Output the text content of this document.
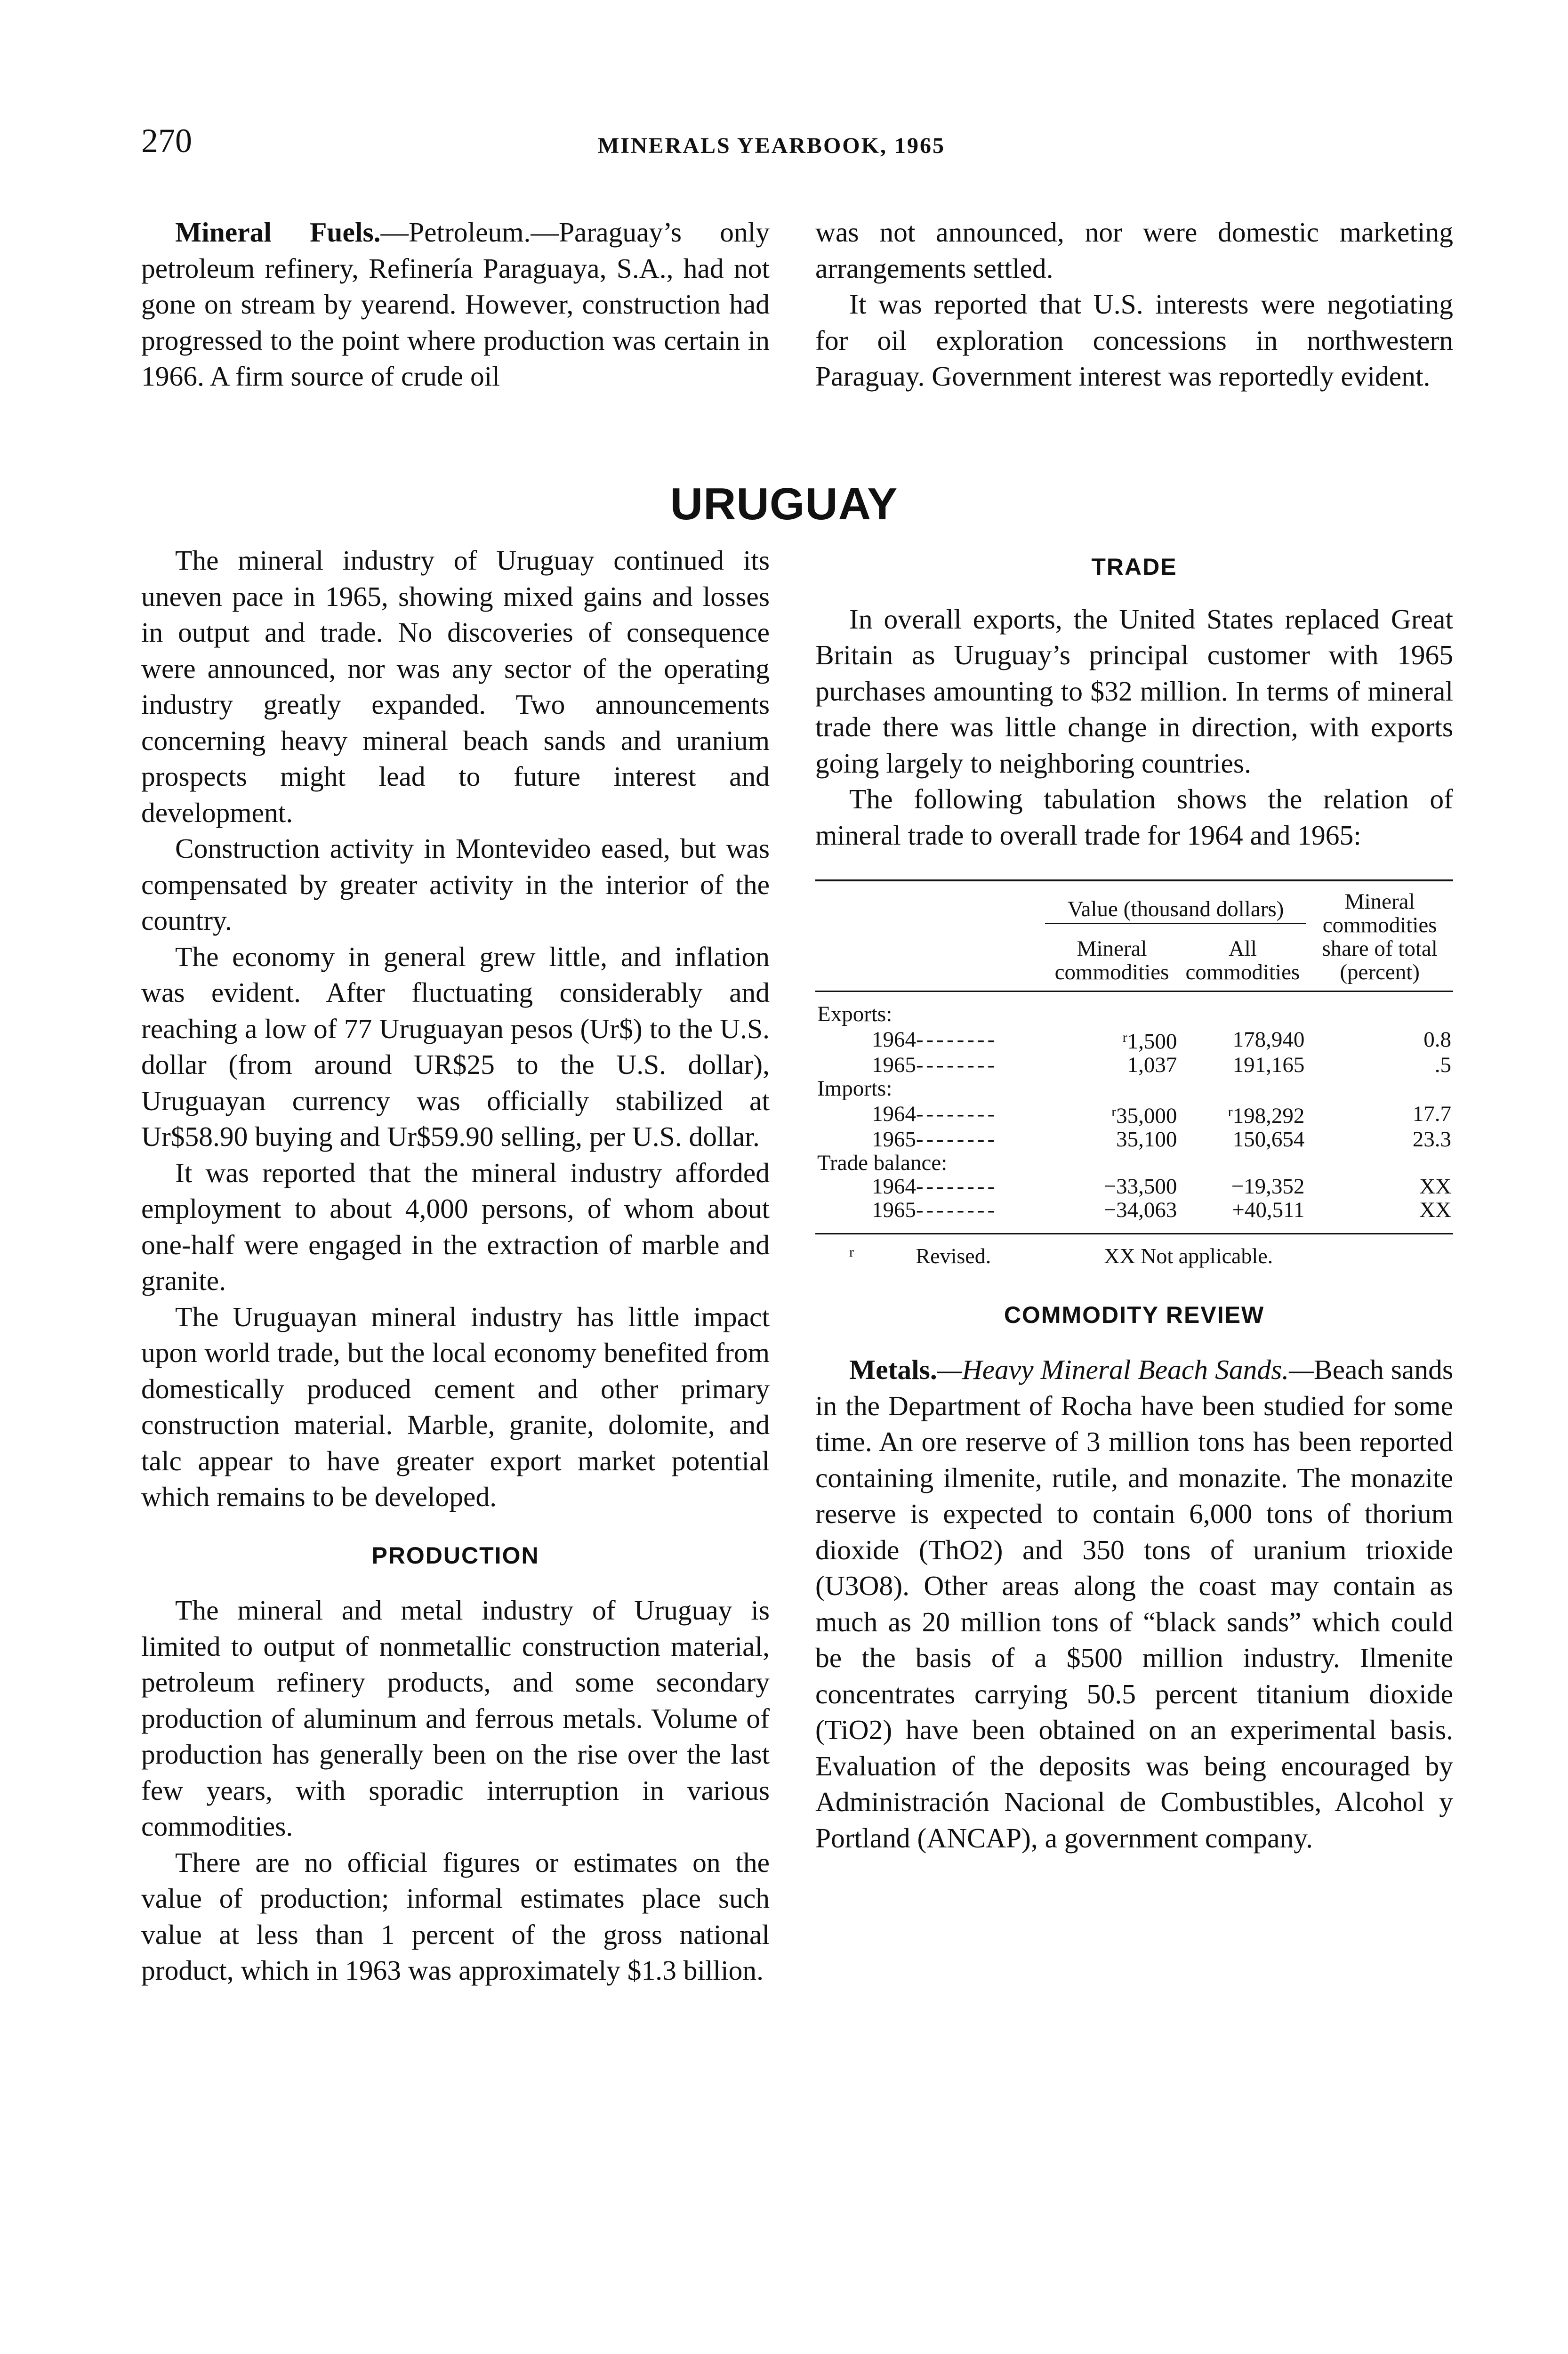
270	MINERALS YEARBOOK, 1965

Mineral Fuels.—Petroleum.—Paraguay’s only petroleum refinery, Refinería Paraguaya, S.A., had not gone on stream by yearend. However, construction had progressed to the point where production was certain in 1966. A firm source of crude oil

was not announced, nor were domestic marketing arrangements settled.

It was reported that U.S. interests were negotiating for oil exploration concessions in northwestern Paraguay. Government interest was reportedly evident.

URUGUAY

The mineral industry of Uruguay continued its uneven pace in 1965, showing mixed gains and losses in output and trade. No discoveries of consequence were announced, nor was any sector of the operating industry greatly expanded. Two announcements concerning heavy mineral beach sands and uranium prospects might lead to future interest and development.

Construction activity in Montevideo eased, but was compensated by greater activity in the interior of the country.

The economy in general grew little, and inflation was evident. After fluctuating considerably and reaching a low of 77 Uruguayan pesos (Ur$) to the U.S. dollar (from around UR$25 to the U.S. dollar), Uruguayan currency was officially stabilized at Ur$58.90 buying and Ur$59.90 selling, per U.S. dollar.

It was reported that the mineral industry afforded employment to about 4,000 persons, of whom about one-half were engaged in the extraction of marble and granite.

The Uruguayan mineral industry has little impact upon world trade, but the local economy benefited from domestically produced cement and other primary construction material. Marble, granite, dolomite, and talc appear to have greater export market potential which remains to be developed.

PRODUCTION

The mineral and metal industry of Uruguay is limited to output of nonmetallic construction material, petroleum refinery products, and some secondary production of aluminum and ferrous metals. Volume of production has generally been on the rise over the last few years, with sporadic interruption in various commodities.

There are no official figures or estimates on the value of production; informal estimates place such value at less than 1 percent of the gross national product, which in 1963 was approximately $1.3 billion.

TRADE

In overall exports, the United States replaced Great Britain as Uruguay’s principal customer with 1965 purchases amounting to $32 million. In terms of mineral trade there was little change in direction, with exports going largely to neighboring countries.

The following tabulation shows the relation of mineral trade to overall trade for 1964 and 1965:

	Value (thousand dollars)		Mineral commodities share of total (percent)
	Mineral commodities	All commodities	

Exports:			
1964--------	$^r$1,500	178,940	0.8
1965--------	1,037	191,165	.5
Imports:			
1964--------	$^r$35,000	$^r$198,292	17.7
1965--------	35,100	150,654	23.3
Trade balance:			
1964--------	−33,500	−19,352	XX
1965--------	−34,063	+40,511	XX

$^r$	Revised.	XX Not applicable.

COMMODITY REVIEW

Metals.—Heavy Mineral Beach Sands.—Beach sands in the Department of Rocha have been studied for some time. An ore reserve of 3 million tons has been reported containing ilmenite, rutile, and monazite. The monazite reserve is expected to contain 6,000 tons of thorium dioxide (ThO2) and 350 tons of uranium trioxide (U3O8). Other areas along the coast may contain as much as 20 million tons of “black sands” which could be the basis of a $500 million industry. Ilmenite concentrates carrying 50.5 percent titanium dioxide (TiO2) have been obtained on an experimental basis. Evaluation of the deposits was being encouraged by Administración Nacional de Combustibles, Alcohol y Portland (ANCAP), a government company.
